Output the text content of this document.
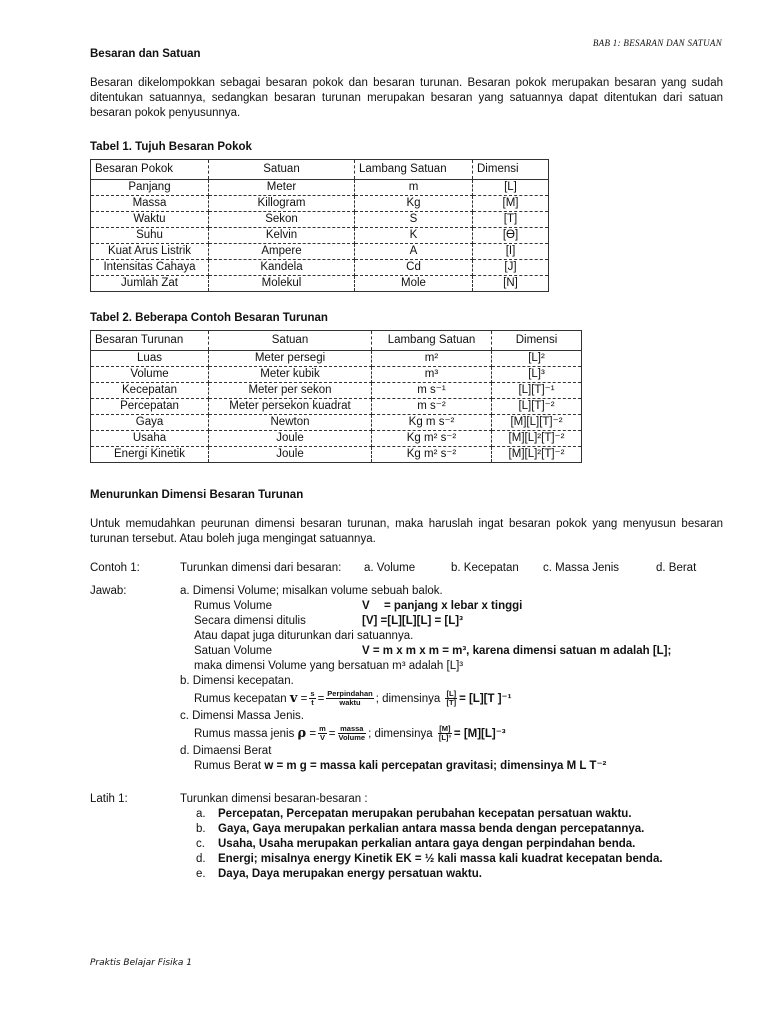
BAB 1: BESARAN DAN SATUAN

Besaran dan Satuan

Besaran dikelompokkan sebagai besaran pokok dan besaran turunan. Besaran pokok merupakan besaran yang sudah ditentukan satuannya, sedangkan besaran turunan merupakan besaran yang satuannya dapat ditentukan dari satuan besaran pokok penyusunnya.

Tabel 1. Tujuh Besaran Pokok

Besaran Pokok	Satuan	Lambang Satuan	Dimensi
Panjang	Meter	m	[L]
Massa	Killogram	Kg	[M]
Waktu	Sekon	S	[T]
Suhu	Kelvin	K	[Ɵ]
Kuat Arus Listrik	Ampere	A	[I]
Intensitas Cahaya	Kandela	Cd	[J]
Jumlah Zat	Molekul	Mole	[N]

Tabel 2. Beberapa Contoh Besaran Turunan

Besaran Turunan	Satuan	Lambang Satuan	Dimensi
Luas	Meter persegi	m²	[L]²
Volume	Meter kubik	m³	[L]³
Kecepatan	Meter per sekon	m s⁻¹	[L][T]⁻¹
Percepatan	Meter persekon kuadrat	m s⁻²	[L][T]⁻²
Gaya	Newton	Kg m s⁻²	[M][L][T]⁻²
Usaha	Joule	Kg m² s⁻²	[M][L]²[T]⁻²
Energi Kinetik	Joule	Kg m² s⁻²	[M][L]²[T]⁻²

Menurunkan Dimensi Besaran Turunan

Untuk memudahkan peurunan dimensi besaran turunan, maka haruslah ingat besaran pokok yang menyusun besaran turunan tersebut. Atau boleh juga mengingat satuannya.

Contoh 1:	Turunkan dimensi dari besaran:	a. Volume	b. Kecepatan	c. Massa Jenis	d. Berat
Jawab:	a. Dimensi Volume; misalkan volume sebuah balok.
Rumus Volume	V	= panjang x lebar x tinggi
Secara dimensi ditulis	[V] =[L][L][L] = [L]³
Atau dapat juga diturunkan dari satuannya.
Satuan Volume	V = m x m x m = m³, karena dimensi satuan m adalah [L];
maka dimensi Volume yang bersatuan m³ adalah [L]³
b. Dimensi kecepatan.
Rumus kecepatan $v = \frac{s}{t} = \frac{\text{Perpindahan}}{\text{waktu}}$ ; dimensinya $\frac{[L]}{[T]} = [L][T$ ]⁻¹
c. Dimensi Massa Jenis.
Rumus massa jenis $\rho = \frac{m}{V} = \frac{\text{massa}}{\text{Volume}}$ ; dimensinya $\frac{[M]}{\text{[L]³}} = [M][L]^{-3}$
d. Dimaensi Berat
Rumus Berat w = m g = massa kali percepatan gravitasi; dimensinya M L T⁻²
Latih 1:	Turunkan dimensi besaran-besaran :
a.	Percepatan, Percepatan merupakan perubahan kecepatan persatuan waktu.
b.	Gaya, Gaya merupakan perkalian antara massa benda dengan percepatannya.
c.	Usaha, Usaha merupakan perkalian antara gaya dengan perpindahan benda.
d.	Energi; misalnya energy Kinetik EK = ½ kali massa kali kuadrat kecepatan benda.
e.	Daya, Daya merupakan energy persatuan waktu.
Praktis Belajar Fisika 1
